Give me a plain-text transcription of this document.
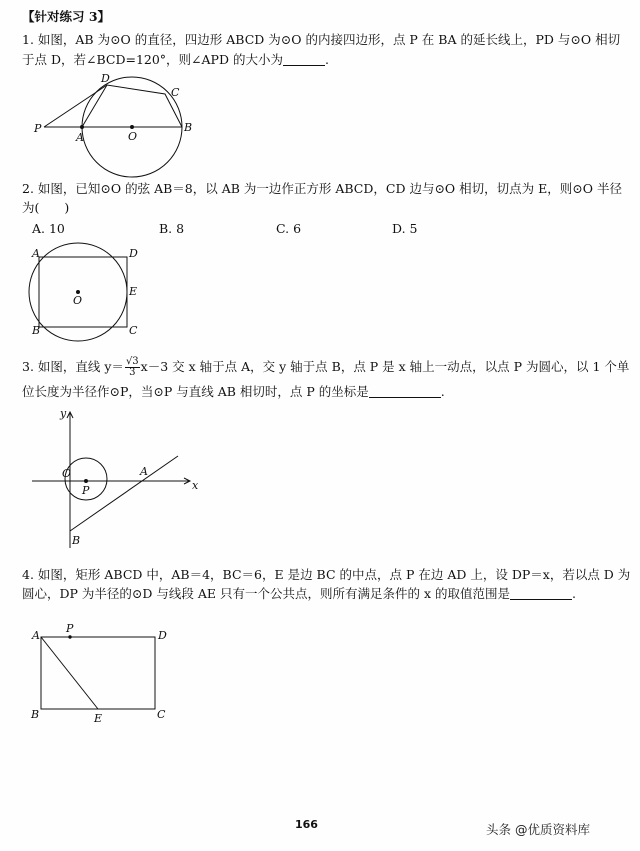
【针对练习 3】
1. 如图，AB 为⊙O 的直径，四边形 ABCD 为⊙O 的内接四边形，点 P 在 BA 的延长线上，PD 与⊙O 相切
于点 D，若∠BCD=120°，则∠APD 的大小为	.
P
A	O
B
C
D
A	D
O
E
B	C
y
x
O
P
A
B
A
P
D
B	E	C
2. 如图，已知⊙O 的弦 AB＝8，以 AB 为一边作正方形 ABCD，CD 边与⊙O 相切，切点为 E，则⊙O 半径
为(　　)
A. 10	B. 8	C. 6	D. 5
3. 如图，直线 $y= \frac{√3}{3} x-3$ 交 x 轴于点 A，交 y 轴于点 B，点 P 是 x 轴上一动点，以点 P 为圆心，以 1 个单
位长度为半径作⊙P，当⊙P 与直线 AB 相切时，点 P 的坐标是	.
4. 如图，矩形 ABCD 中，AB＝4，BC＝6，E 是边 BC 的中点，点 P 在边 AD 上，设 DP＝x，若以点 D 为
圆心，DP 为半径的⊙D 与线段 AE 只有一个公共点，则所有满足条件的 x 的取值范围是	.
166	头条 @优质资料库
